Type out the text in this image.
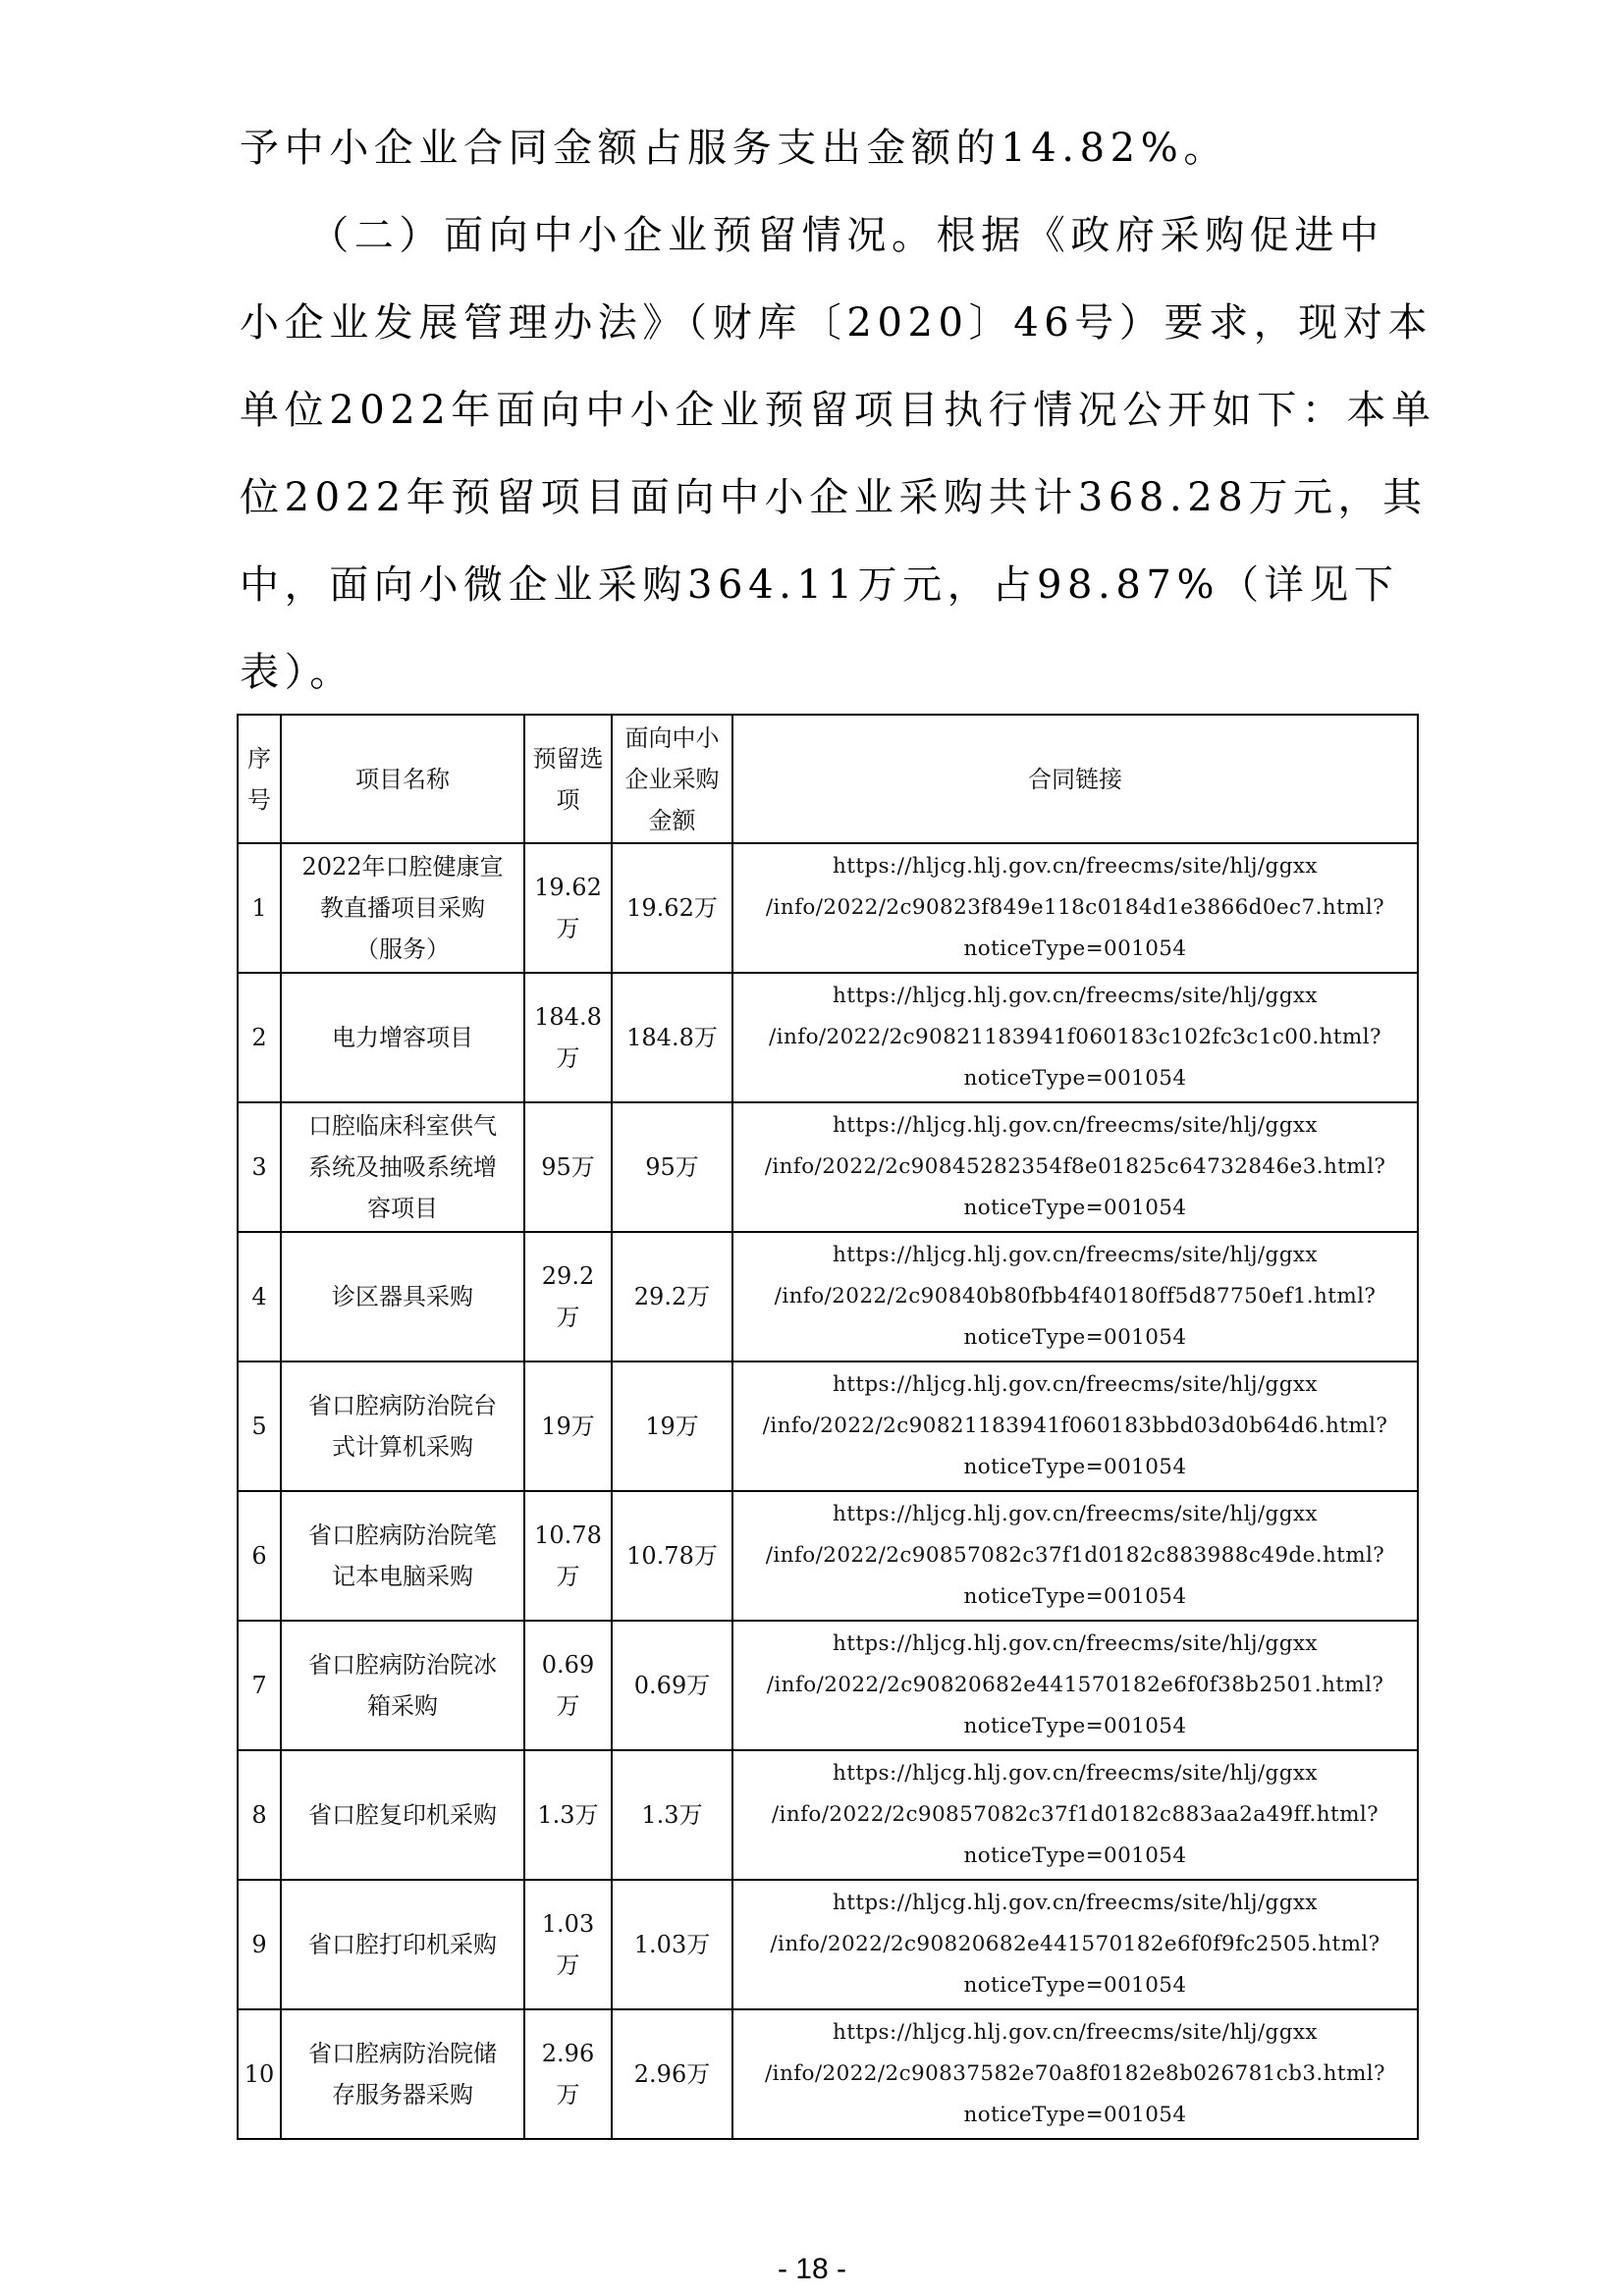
予中小企业合同金额占服务支出金额的14.82%。
　　（二）面向中小企业预留情况。根据《政府采购促进中
小企业发展管理办法》（财库〔2020〕46号）要求，现对本
单位2022年面向中小企业预留项目执行情况公开如下：本单
位2022年预留项目面向中小企业采购共计368.28万元，其
中，面向小微企业采购364.11万元，占98.87%（详见下
表）。
序
号	项目名称	预留选
项	面向中小
企业采购
金额	合同链接

1	2022年口腔健康宣
教直播项目采购
（服务）	19.62
万	19.62万	https://hljcg.hlj.gov.cn/freecms/site/hlj/ggxx
/info/2022/2c90823f849e118c0184d1e3866d0ec7.html?
noticeType=001054

2	电力增容项目	184.8
万	184.8万	https://hljcg.hlj.gov.cn/freecms/site/hlj/ggxx
/info/2022/2c90821183941f060183c102fc3c1c00.html?
noticeType=001054

3	口腔临床科室供气
系统及抽吸系统增
容项目	95万	95万	https://hljcg.hlj.gov.cn/freecms/site/hlj/ggxx
/info/2022/2c90845282354f8e01825c64732846e3.html?
noticeType=001054

4	诊区器具采购	29.2
万	29.2万	https://hljcg.hlj.gov.cn/freecms/site/hlj/ggxx
/info/2022/2c90840b80fbb4f40180ff5d87750ef1.html?
noticeType=001054

5	省口腔病防治院台
式计算机采购	19万	19万	https://hljcg.hlj.gov.cn/freecms/site/hlj/ggxx
/info/2022/2c90821183941f060183bbd03d0b64d6.html?
noticeType=001054

6	省口腔病防治院笔
记本电脑采购	10.78
万	10.78万	https://hljcg.hlj.gov.cn/freecms/site/hlj/ggxx
/info/2022/2c90857082c37f1d0182c883988c49de.html?
noticeType=001054

7	省口腔病防治院冰
箱采购	0.69
万	0.69万	https://hljcg.hlj.gov.cn/freecms/site/hlj/ggxx
/info/2022/2c90820682e441570182e6f0f38b2501.html?
noticeType=001054

8	省口腔复印机采购	1.3万	1.3万	https://hljcg.hlj.gov.cn/freecms/site/hlj/ggxx
/info/2022/2c90857082c37f1d0182c883aa2a49ff.html?
noticeType=001054

9	省口腔打印机采购	1.03
万	1.03万	https://hljcg.hlj.gov.cn/freecms/site/hlj/ggxx
/info/2022/2c90820682e441570182e6f0f9fc2505.html?
noticeType=001054

10	省口腔病防治院储
存服务器采购	2.96
万	2.96万	https://hljcg.hlj.gov.cn/freecms/site/hlj/ggxx
/info/2022/2c90837582e70a8f0182e8b026781cb3.html?
noticeType=001054
- 18 -
